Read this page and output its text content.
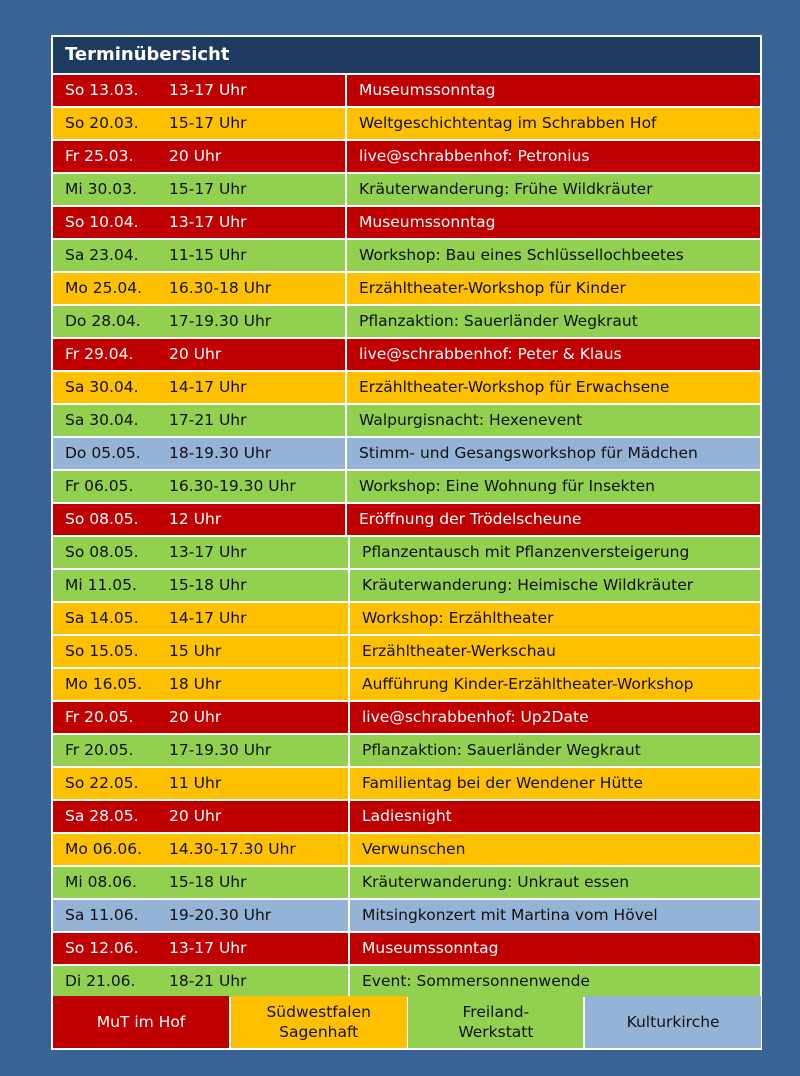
Terminübersicht
So 13.03. 13-17 Uhr	Museumssonntag
So 20.03. 15-17 Uhr	Weltgeschichtentag im Schrabben Hof
Fr 25.03. 20 Uhr	live@schrabbenhof: Petronius
Mi 30.03. 15-17 Uhr	Kräuterwanderung: Frühe Wildkräuter
So 10.04. 13-17 Uhr	Museumssonntag
Sa 23.04. 11-15 Uhr	Workshop: Bau eines Schlüssellochbeetes
Mo 25.04. 16.30-18 Uhr	Erzähltheater-Workshop für Kinder
Do 28.04. 17-19.30 Uhr	Pflanzaktion: Sauerländer Wegkraut
Fr 29.04. 20 Uhr	live@schrabbenhof: Peter & Klaus
Sa 30.04. 14-17 Uhr	Erzähltheater-Workshop für Erwachsene
Sa 30.04. 17-21 Uhr	Walpurgisnacht: Hexenevent
Do 05.05. 18-19.30 Uhr	Stimm- und Gesangsworkshop für Mädchen
Fr 06.05. 16.30-19.30 Uhr	Workshop: Eine Wohnung für Insekten
So 08.05. 12 Uhr	Eröffnung der Trödelscheune
So 08.05. 13-17 Uhr	Pflanzentausch mit Pflanzenversteigerung
Mi 11.05. 15-18 Uhr	Kräuterwanderung: Heimische Wildkräuter
Sa 14.05. 14-17 Uhr	Workshop: Erzähltheater
So 15.05. 15 Uhr	Erzähltheater-Werkschau
Mo 16.05. 18 Uhr	Aufführung Kinder-Erzähltheater-Workshop
Fr 20.05. 20 Uhr	live@schrabbenhof: Up2Date
Fr 20.05. 17-19.30 Uhr	Pflanzaktion: Sauerländer Wegkraut
So 22.05. 11 Uhr	Familientag bei der Wendener Hütte
Sa 28.05. 20 Uhr	Ladiesnight
Mo 06.06. 14.30-17.30 Uhr	Verwunschen
Mi 08.06. 15-18 Uhr	Kräuterwanderung: Unkraut essen
Sa 11.06. 19-20.30 Uhr	Mitsingkonzert mit Martina vom Hövel
So 12.06. 13-17 Uhr	Museumssonntag
Di 21.06. 18-21 Uhr	Event: Sommersonnenwende
MuT im Hof
Südwestfalen
Sagenhaft
Freiland-
Werkstatt
Kulturkirche
